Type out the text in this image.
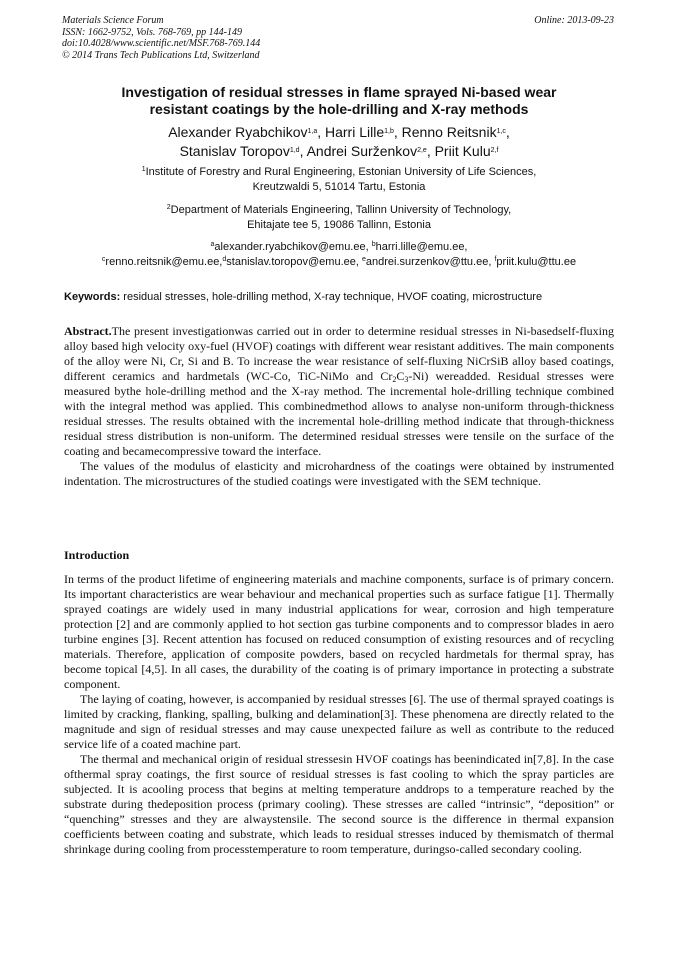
Materials Science Forum
ISSN: 1662-9752, Vols. 768-769, pp 144-149
doi:10.4028/www.scientific.net/MSF.768-769.144
© 2014 Trans Tech Publications Ltd, Switzerland
Online: 2013-09-23
Investigation of residual stresses in flame sprayed Ni-based wear
resistant coatings by the hole-drilling and X-ray methods
Alexander Ryabchikov$^{1,a}$, Harri Lille$^{1,b}$, Renno Reitsnik$^{1,c}$,
Stanislav Toropov$^{1,d}$, Andrei Surženkov$^{2,e}$, Priit Kulu$^{2,f}$
$^1$Institute of Forestry and Rural Engineering, Estonian University of Life Sciences,
Kreutzwaldi 5, 51014 Tartu, Estonia
$^2$Department of Materials Engineering, Tallinn University of Technology,
Ehitajate tee 5, 19086 Tallinn, Estonia
$^a$alexander.ryabchikov@emu.ee, $^b$harri.lille@emu.ee,
$^c$renno.reitsnik@emu.ee,$^d$stanislav.toropov@emu.ee, $^e$andrei.surzenkov@ttu.ee, $^f$priit.kulu@ttu.ee
Keywords: residual stresses, hole-drilling method, X-ray technique, HVOF coating, microstructure

Abstract.The present investigationwas carried out in order to determine residual stresses in Ni-basedself-fluxing alloy based high velocity oxy-fuel (HVOF) coatings with different wear resistant additives. The main components of the alloy were Ni, Cr, Si and B. To increase the wear resistance of self-fluxing NiCrSiB alloy based coatings, different ceramics and hardmetals (WC-Co, TiC-NiMo and $Cr_2C_3-Ni$) wereadded. Residual stresses were measured bythe hole-drilling method and the X-ray method. The incremental hole-drilling technique combined with the integral method was applied. This combinedmethod allows to analyse non-uniform through-thickness residual stresses. The results obtained with the incremental hole-drilling method indicate that through-thickness residual stress distribution is non-uniform. The determined residual stresses were tensile on the surface of the coating and becamecompressive toward the interface.

The values of the modulus of elasticity and microhardness of the coatings were obtained by instrumented indentation. The microstructures of the studied coatings were investigated with the SEM technique.

Introduction

In terms of the product lifetime of engineering materials and machine components, surface is of primary concern. Its important characteristics are wear behaviour and mechanical properties such as surface fatigue [1]. Thermally sprayed coatings are widely used in many industrial applications for wear, corrosion and high temperature protection [2] and are commonly applied to hot section gas turbine components and to compressor blades in aero turbine engines [3]. Recent attention has focused on reduced consumption of existing resources and of recycling materials. Therefore, application of composite powders, based on recycled hardmetals for thermal spray, has become topical [4,5]. In all cases, the durability of the coating is of primary importance in protecting a substrate component.

The laying of coating, however, is accompanied by residual stresses [6]. The use of thermal sprayed coatings is limited by cracking, flanking, spalling, bulking and delamination[3]. These phenomena are directly related to the magnitude and sign of residual stresses and may cause unexpected failure as well as contribute to the reduced service life of a coated machine part.

The thermal and mechanical origin of residual stressesin HVOF coatings has beenindicated in[7,8]. In the case ofthermal spray coatings, the first source of residual stresses is fast cooling to which the spray particles are subjected. It is acooling process that begins at melting temperature anddrops to a temperature reached by the substrate during thedeposition process (primary cooling). These stresses are called “intrinsic”, “deposition” or “quenching” stresses and they are alwaystensile. The second source is the difference in thermal expansion coefficients between coating and substrate, which leads to residual stresses induced by themismatch of thermal shrinkage during cooling from processtemperature to room temperature, duringso-called secondary cooling.
